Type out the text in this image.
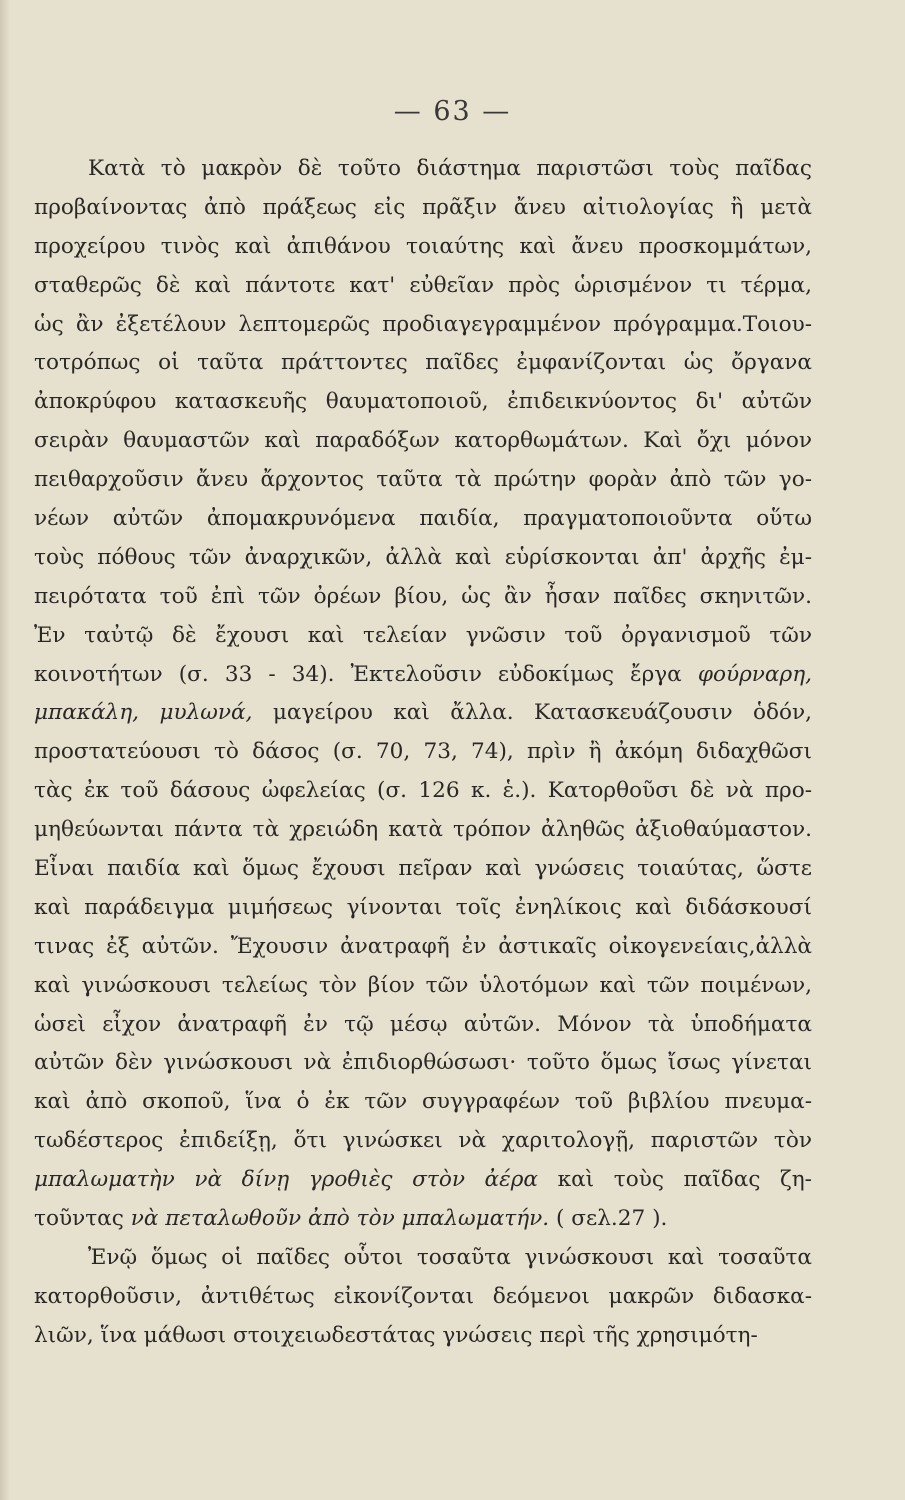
— 63 —
Κατὰ τὸ μακρὸν δὲ τοῦτο διάστημα παριστῶσι τοὺς παῖδας
προβαίνοντας ἀπὸ πράξεως εἰς πρᾶξιν ἄνευ αἰτιολογίας ἢ μετὰ
προχείρου τινὸς καὶ ἀπιθάνου τοιαύτης καὶ ἄνευ προσκομμάτων,
σταθερῶς δὲ καὶ πάντοτε κατ' εὐθεῖαν πρὸς ὡρισμένον τι τέρμα,
ὡς ἂν ἐξετέλουν λεπτομερῶς προδιαγεγραμμένον πρόγραμμα.Τοιου-
τοτρόπως οἱ ταῦτα πράττοντες παῖδες ἐμφανίζονται ὡς ὄργανα
ἀποκρύφου κατασκευῆς θαυματοποιοῦ, ἐπιδεικνύοντος δι' αὐτῶν
σειρὰν θαυμαστῶν καὶ παραδόξων κατορθωμάτων. Καὶ ὄχι μόνον
πειθαρχοῦσιν ἄνευ ἄρχοντος ταῦτα τὰ πρώτην φορὰν ἀπὸ τῶν γο-
νέων αὐτῶν ἀπομακρυνόμενα παιδία, πραγματοποιοῦντα οὕτω
τοὺς πόθους τῶν ἀναρχικῶν, ἀλλὰ καὶ εὑρίσκονται ἀπ' ἀρχῆς ἐμ-
πειρότατα τοῦ ἐπὶ τῶν ὀρέων βίου, ὡς ἂν ἦσαν παῖδες σκηνιτῶν.
Ἐν ταὐτῷ δὲ ἔχουσι καὶ τελείαν γνῶσιν τοῦ ὀργανισμοῦ τῶν
κοινοτήτων (σ. 33 - 34). Ἐκτελοῦσιν εὐδοκίμως ἔργα φούρναρη,
μπακάλη, μυλωνά, μαγείρου καὶ ἄλλα. Κατασκευάζουσιν ὁδόν,
προστατεύουσι τὸ δάσος (σ. 70, 73, 74), πρὶν ἢ ἀκόμη διδαχθῶσι
τὰς ἐκ τοῦ δάσους ὠφελείας (σ. 126 κ. ἑ.). Κατορθοῦσι δὲ νὰ προ-
μηθεύωνται πάντα τὰ χρειώδη κατὰ τρόπον ἀληθῶς ἀξιοθαύμαστον.
Εἶναι παιδία καὶ ὅμως ἔχουσι πεῖραν καὶ γνώσεις τοιαύτας, ὥστε
καὶ παράδειγμα μιμήσεως γίνονται τοῖς ἐνηλίκοις καὶ διδάσκουσί
τινας ἐξ αὐτῶν. Ἔχουσιν ἀνατραφῆ ἐν ἀστικαῖς οἰκογενείαις,ἀλλὰ
καὶ γινώσκουσι τελείως τὸν βίον τῶν ὑλοτόμων καὶ τῶν ποιμένων,
ὡσεὶ εἶχον ἀνατραφῆ ἐν τῷ μέσῳ αὐτῶν. Μόνον τὰ ὑποδήματα
αὐτῶν δὲν γινώσκουσι νὰ ἐπιδιορθώσωσι· τοῦτο ὅμως ἴσως γίνεται
καὶ ἀπὸ σκοποῦ, ἵνα ὁ ἐκ τῶν συγγραφέων τοῦ βιβλίου πνευμα-
τωδέστερος ἐπιδείξῃ, ὅτι γινώσκει νὰ χαριτολογῇ, παριστῶν τὸν
μπαλωματὴν νὰ δίνῃ γροθιὲς στὸν ἀέρα καὶ τοὺς παῖδας ζη-
τοῦντας νὰ πεταλωθοῦν ἀπὸ τὸν μπαλωματήν. ( σελ.27 ).
Ἐνῷ ὅμως οἱ παῖδες οὗτοι τοσαῦτα γινώσκουσι καὶ τοσαῦτα
κατορθοῦσιν, ἀντιθέτως εἰκονίζονται δεόμενοι μακρῶν διδασκα-
λιῶν, ἵνα μάθωσι στοιχειωδεστάτας γνώσεις περὶ τῆς χρησιμότη-
